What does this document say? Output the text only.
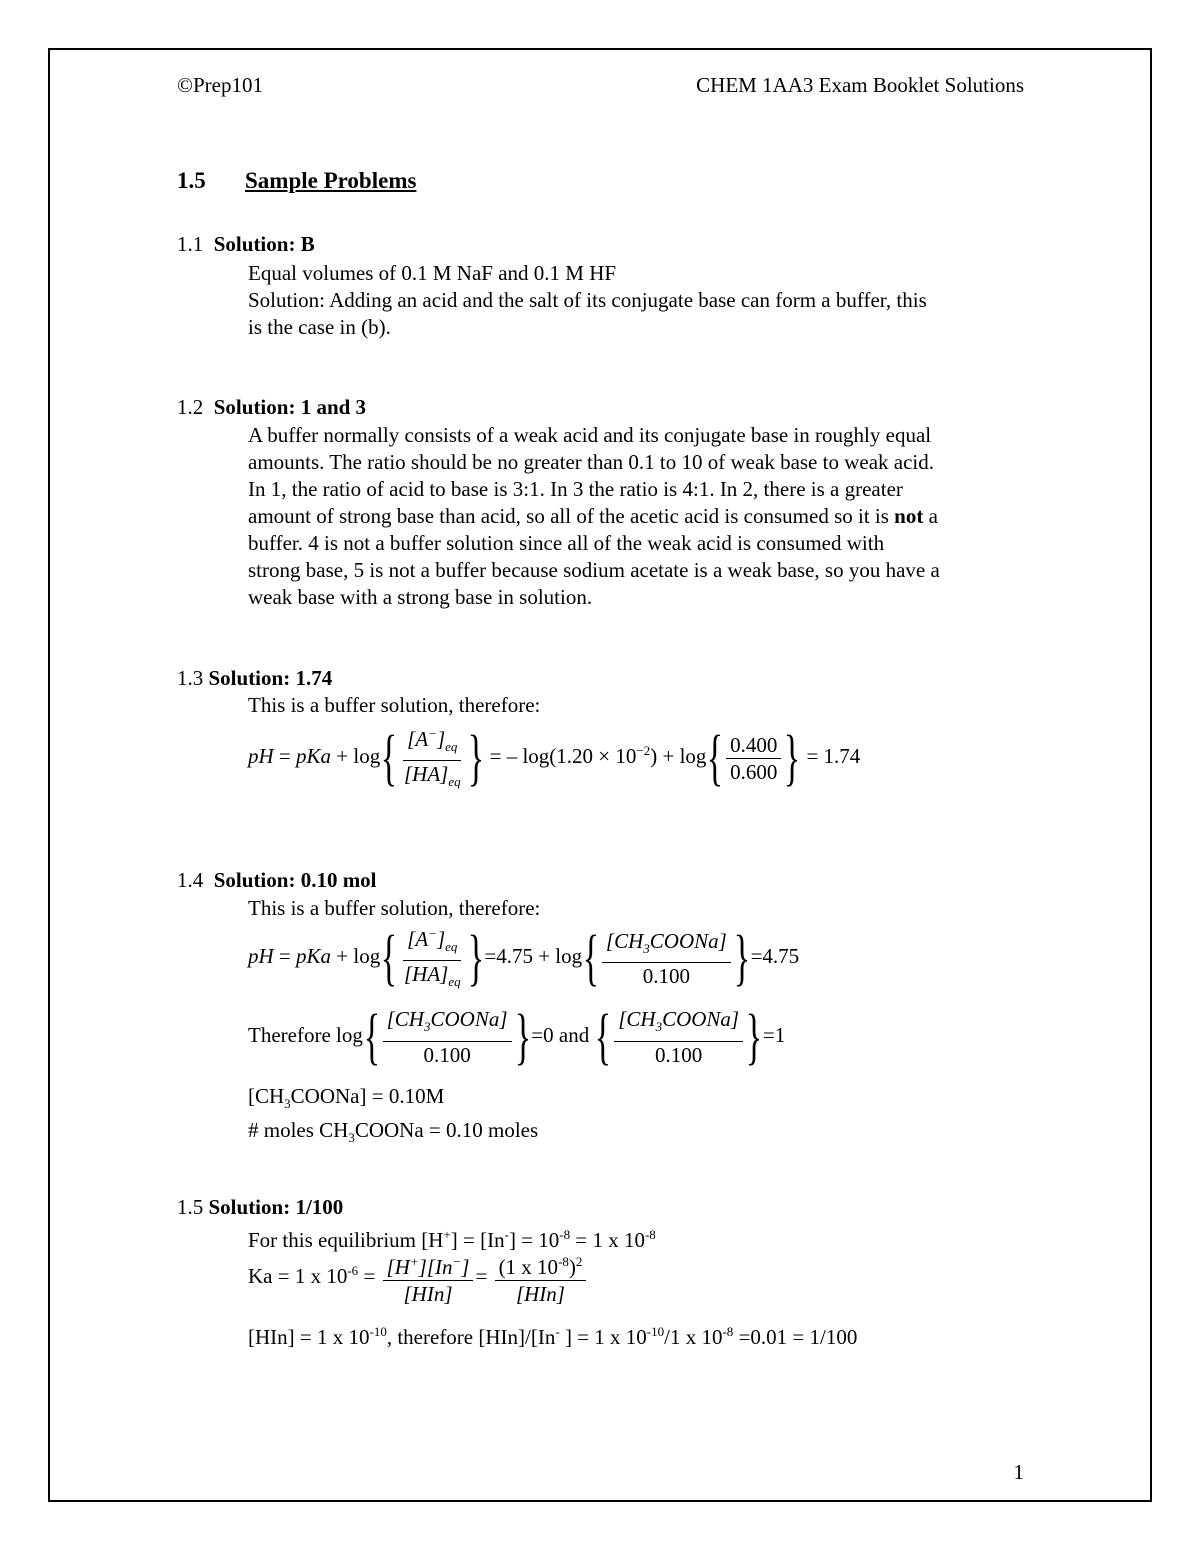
©Prep101	CHEM 1AA3 Exam Booklet Solutions
1.5 Sample Problems
1.1 Solution: B

Equal volumes of 0.1 M NaF and 0.1 M HF

Solution: Adding an acid and the salt of its conjugate base can form a buffer, this

is the case in (b).

1.2 Solution: 1 and 3

A buffer normally consists of a weak acid and its conjugate base in roughly equal

amounts. The ratio should be no greater than 0.1 to 10 of weak base to weak acid.

In 1, the ratio of acid to base is 3:1. In 3 the ratio is 4:1. In 2, there is a greater

amount of strong base than acid, so all of the acetic acid is consumed so it is not a

buffer. 4 is not a buffer solution since all of the weak acid is consumed with

strong base, 5 is not a buffer because sodium acetate is a weak base, so you have a

weak base with a strong base in solution.

1.3 Solution: 1.74
This is a buffer solution, therefore:
pH = pKa + $\log\{ \frac{[A^-]_{eq}}{[HA]_{eq}}$ } = – $\log(1.20 \times 10^{-2}) + \log\{ \frac{0.400}{0.600}$ } = 1.74
1.4 Solution: 0.10 mol
This is a buffer solution, therefore:
pH = pKa + $\log\{ \frac{[A^-]_{eq}}{[HA]_{eq}} \}=4.75 + \log\{ \frac{[CH_3COONa]}{0.100} \}=4.75$
Therefore $\log\{ \frac{[CH_3COONa]}{0.100} \}=0$ and { $\frac{[CH_3COONa]}{0.100} \}=1$

$[CH_3COONa] = 0.10M$

# moles $CH_3COONa = 0.10$ moles

1.5 Solution: 1/100
For this equilibrium $[H^+] = [In^-] = 10^{-8} = 1$ x $10^{-8}$
Ka = 1 x $10^{-6} = \frac{[H^+][In^-]}{\text{[HIn]}} = \frac{(1 x 10^{-8})^2}{\text{[HIn]}}$
[HIn] = 1 x $10^{-10}$, therefore [HIn]/[In- ] = 1 x $10^{-10}/1$ x $10^{-8} =0.01 = 1/100$
1
